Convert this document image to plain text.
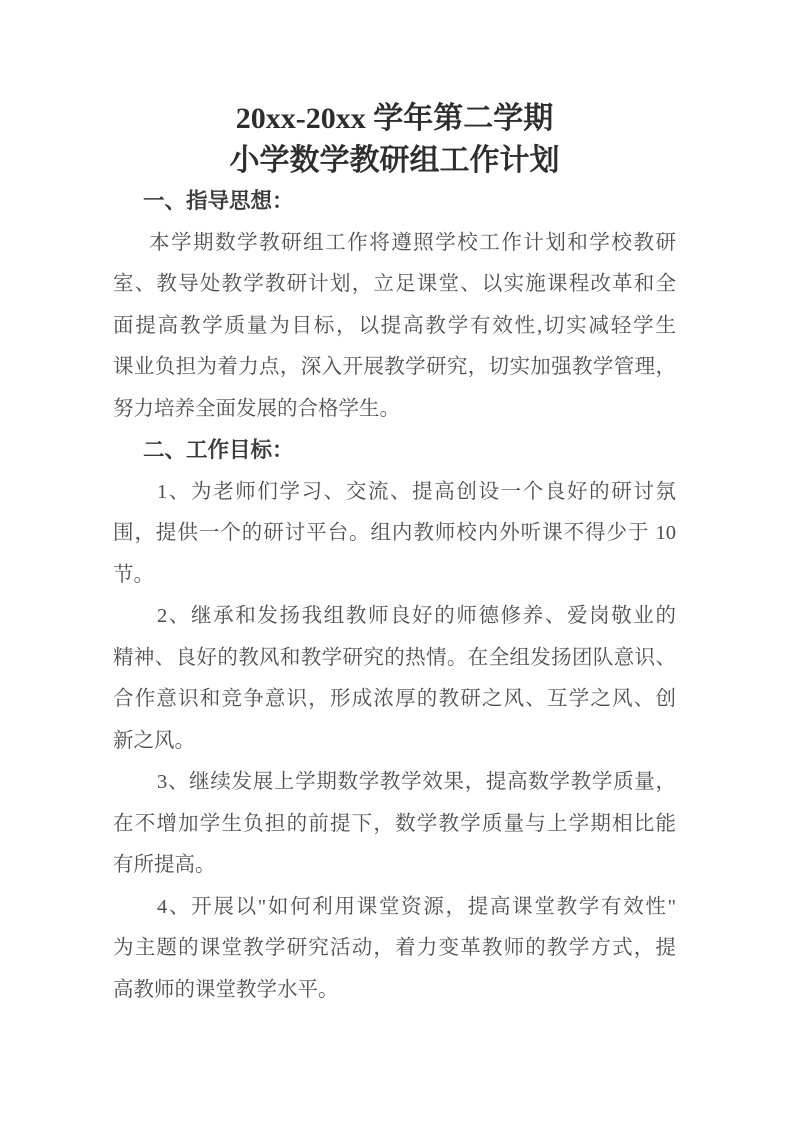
20xx-20xx 学年第二学期
小学数学教研组工作计划
一、指导思想：
本学期数学教研组工作将遵照学校工作计划和学校教研
室、教导处教学教研计划，立足课堂、以实施课程改革和全
面提高教学质量为目标，以提高教学有效性,切实减轻学生
课业负担为着力点，深入开展教学研究，切实加强教学管理，
努力培养全面发展的合格学生。
二、工作目标：
1、为老师们学习、交流、提高创设一个良好的研讨氛
围，提供一个的研讨平台。组内教师校内外听课不得少于 10
节。
2、继承和发扬我组教师良好的师德修养、爱岗敬业的
精神、良好的教风和教学研究的热情。在全组发扬团队意识、
合作意识和竞争意识，形成浓厚的教研之风、互学之风、创
新之风。
3、继续发展上学期数学教学效果，提高数学教学质量，
在不增加学生负担的前提下，数学教学质量与上学期相比能
有所提高。
4、开展以"如何利用课堂资源，提高课堂教学有效性"
为主题的课堂教学研究活动，着力变革教师的教学方式，提
高教师的课堂教学水平。
